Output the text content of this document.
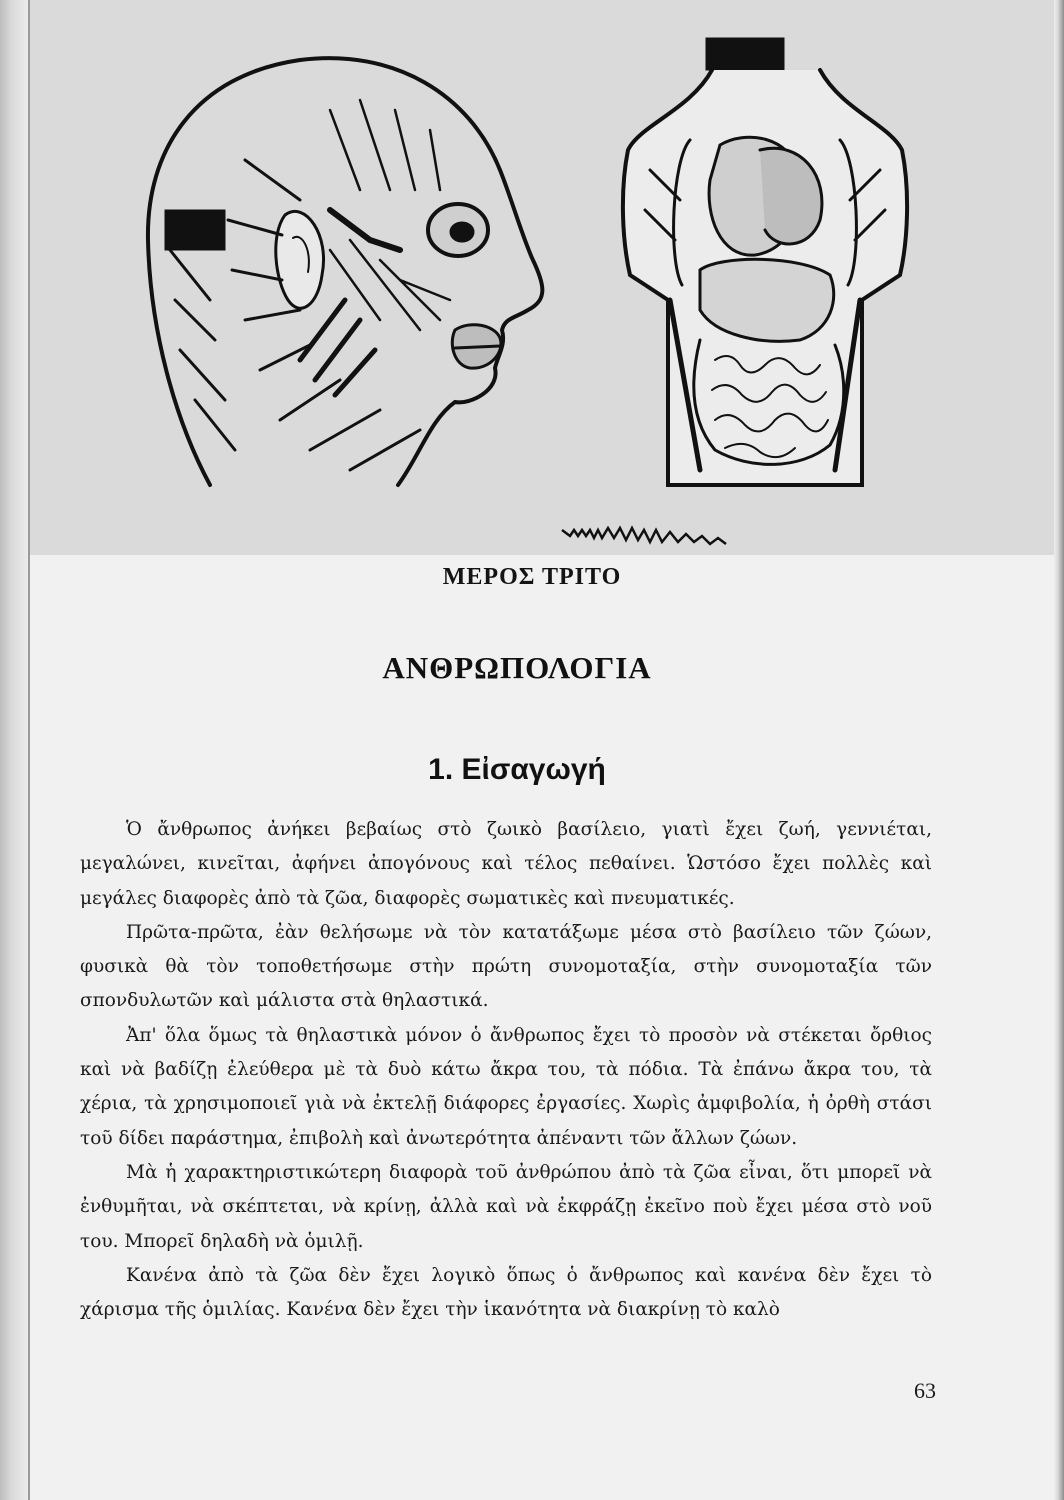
ΜΕΡΟΣ ΤΡΙΤΟ
ΑΝΘΡΩΠΟΛΟΓΙΑ
1. Εἰσαγωγή

Ὁ ἄνθρωπος ἀνήκει βεβαίως στὸ ζωικὸ βασίλειο, γιατὶ ἔχει ζωή, γεννιέται, μεγαλώνει, κινεῖται, ἀφήνει ἀπογόνους καὶ τέλος πεθαίνει. Ὡστόσο ἔχει πολλὲς καὶ μεγάλες διαφορὲς ἀπὸ τὰ ζῶα, διαφορὲς σωματικὲς καὶ πνευματικές.

Πρῶτα-πρῶτα, ἐὰν θελήσωμε νὰ τὸν κατατάξωμε μέσα στὸ βασίλειο τῶν ζώων, φυσικὰ θὰ τὸν τοποθετήσωμε στὴν πρώτη συνομοταξία, στὴν συνομοταξία τῶν σπονδυλωτῶν καὶ μάλιστα στὰ θηλαστικά.

Ἀπ' ὅλα ὅμως τὰ θηλαστικὰ μόνον ὁ ἄνθρωπος ἔχει τὸ προσὸν νὰ στέκεται ὄρθιος καὶ νὰ βαδίζῃ ἐλεύθερα μὲ τὰ δυὸ κάτω ἄκρα του, τὰ πόδια. Τὰ ἐπάνω ἄκρα του, τὰ χέρια, τὰ χρησιμοποιεῖ γιὰ νὰ ἐκτελῇ διάφορες ἐργασίες. Χωρὶς ἀμφιβολία, ἡ ὀρθὴ στάσι τοῦ δίδει παράστημα, ἐπιβολὴ καὶ ἀνωτερότητα ἀπέναντι τῶν ἄλλων ζώων.

Μὰ ἡ χαρακτηριστικώτερη διαφορὰ τοῦ ἀνθρώπου ἀπὸ τὰ ζῶα εἶναι, ὅτι μπορεῖ νὰ ἐνθυμῆται, νὰ σκέπτεται, νὰ κρίνῃ, ἀλλὰ καὶ νὰ ἐκφράζῃ ἐκεῖνο ποὺ ἔχει μέσα στὸ νοῦ του. Μπορεῖ δηλαδὴ νὰ ὁμιλῇ.

Κανένα ἀπὸ τὰ ζῶα δὲν ἔχει λογικὸ ὅπως ὁ ἄνθρωπος καὶ κανένα δὲν ἔχει τὸ χάρισμα τῆς ὁμιλίας. Κανένα δὲν ἔχει τὴν ἱκανότητα νὰ διακρίνῃ τὸ καλὸ

63
